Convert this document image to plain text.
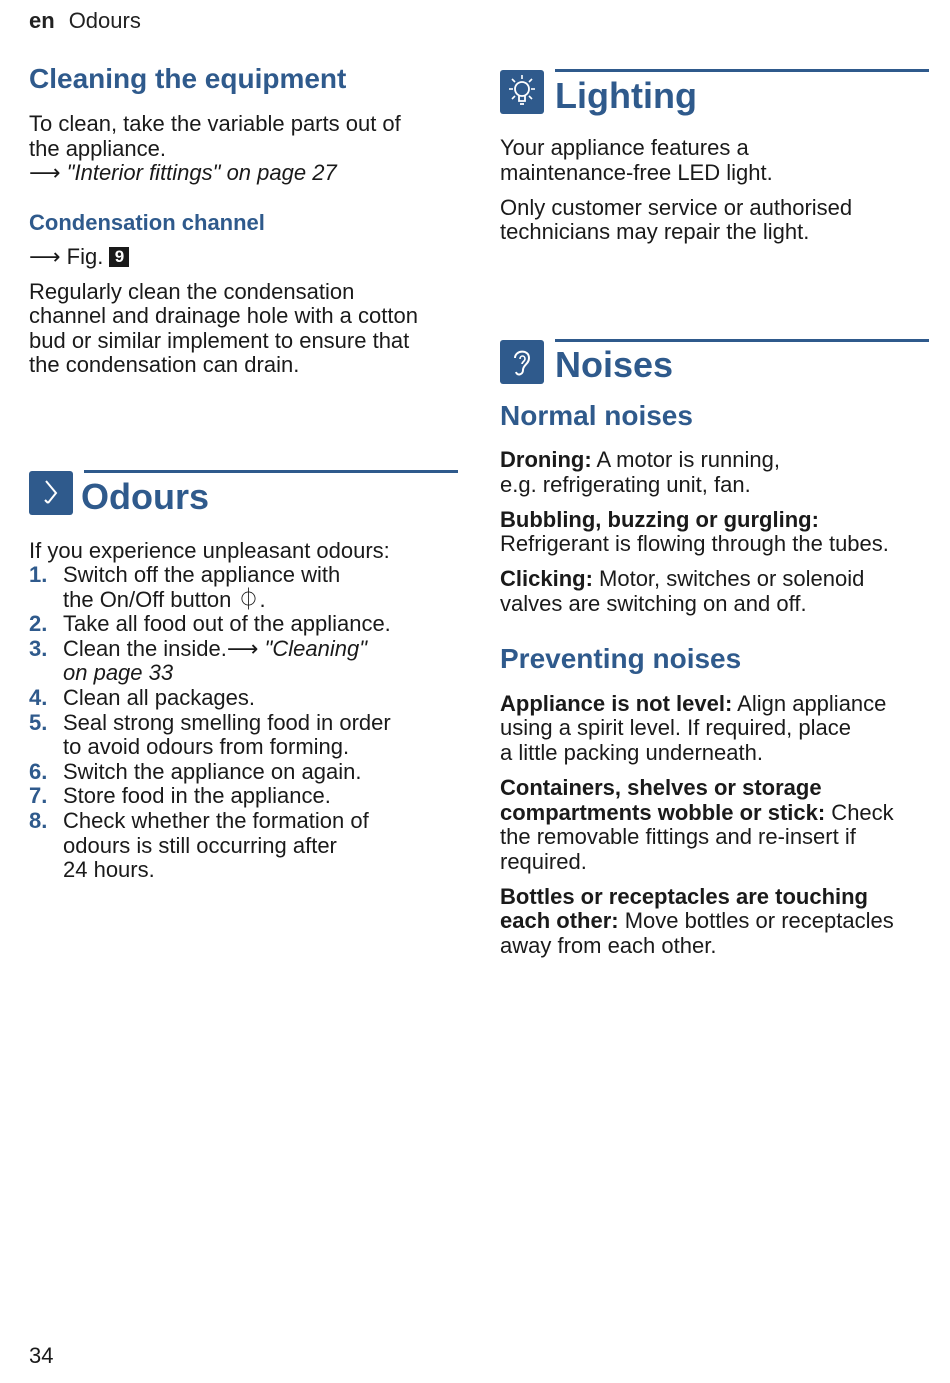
en Odours
Cleaning the equipment
To clean, take the variable parts out of
the appliance.
⟶ "Interior fittings" on page 27
Condensation channel
⟶ Fig. 9
Regularly clean the condensation
channel and drainage hole with a cotton
bud or similar implement to ensure that
the condensation can drain.
Odours
If you experience unpleasant odours:
1. Switch off the appliance with
the On/Off button ⏀.
2. Take all food out of the appliance.
3. Clean the inside.⟶ "Cleaning"
on page 33
4. Clean all packages.
5. Seal strong smelling food in order
to avoid odours from forming.
6. Switch the appliance on again.
7. Store food in the appliance.
8. Check whether the formation of
odours is still occurring after
24 hours.
Lighting
Your appliance features a
maintenance-free LED light.
Only customer service or authorised
technicians may repair the light.
Noises
Normal noises
Droning: A motor is running,
e.g. refrigerating unit, fan.
Bubbling, buzzing or gurgling:
Refrigerant is flowing through the tubes.
Clicking: Motor, switches or solenoid
valves are switching on and off.
Preventing noises
Appliance is not level: Align appliance
using a spirit level. If required, place
a little packing underneath.
Containers, shelves or storage
compartments wobble or stick: Check
the removable fittings and re-insert if
required.
Bottles or receptacles are touching
each other: Move bottles or receptacles
away from each other.
34
